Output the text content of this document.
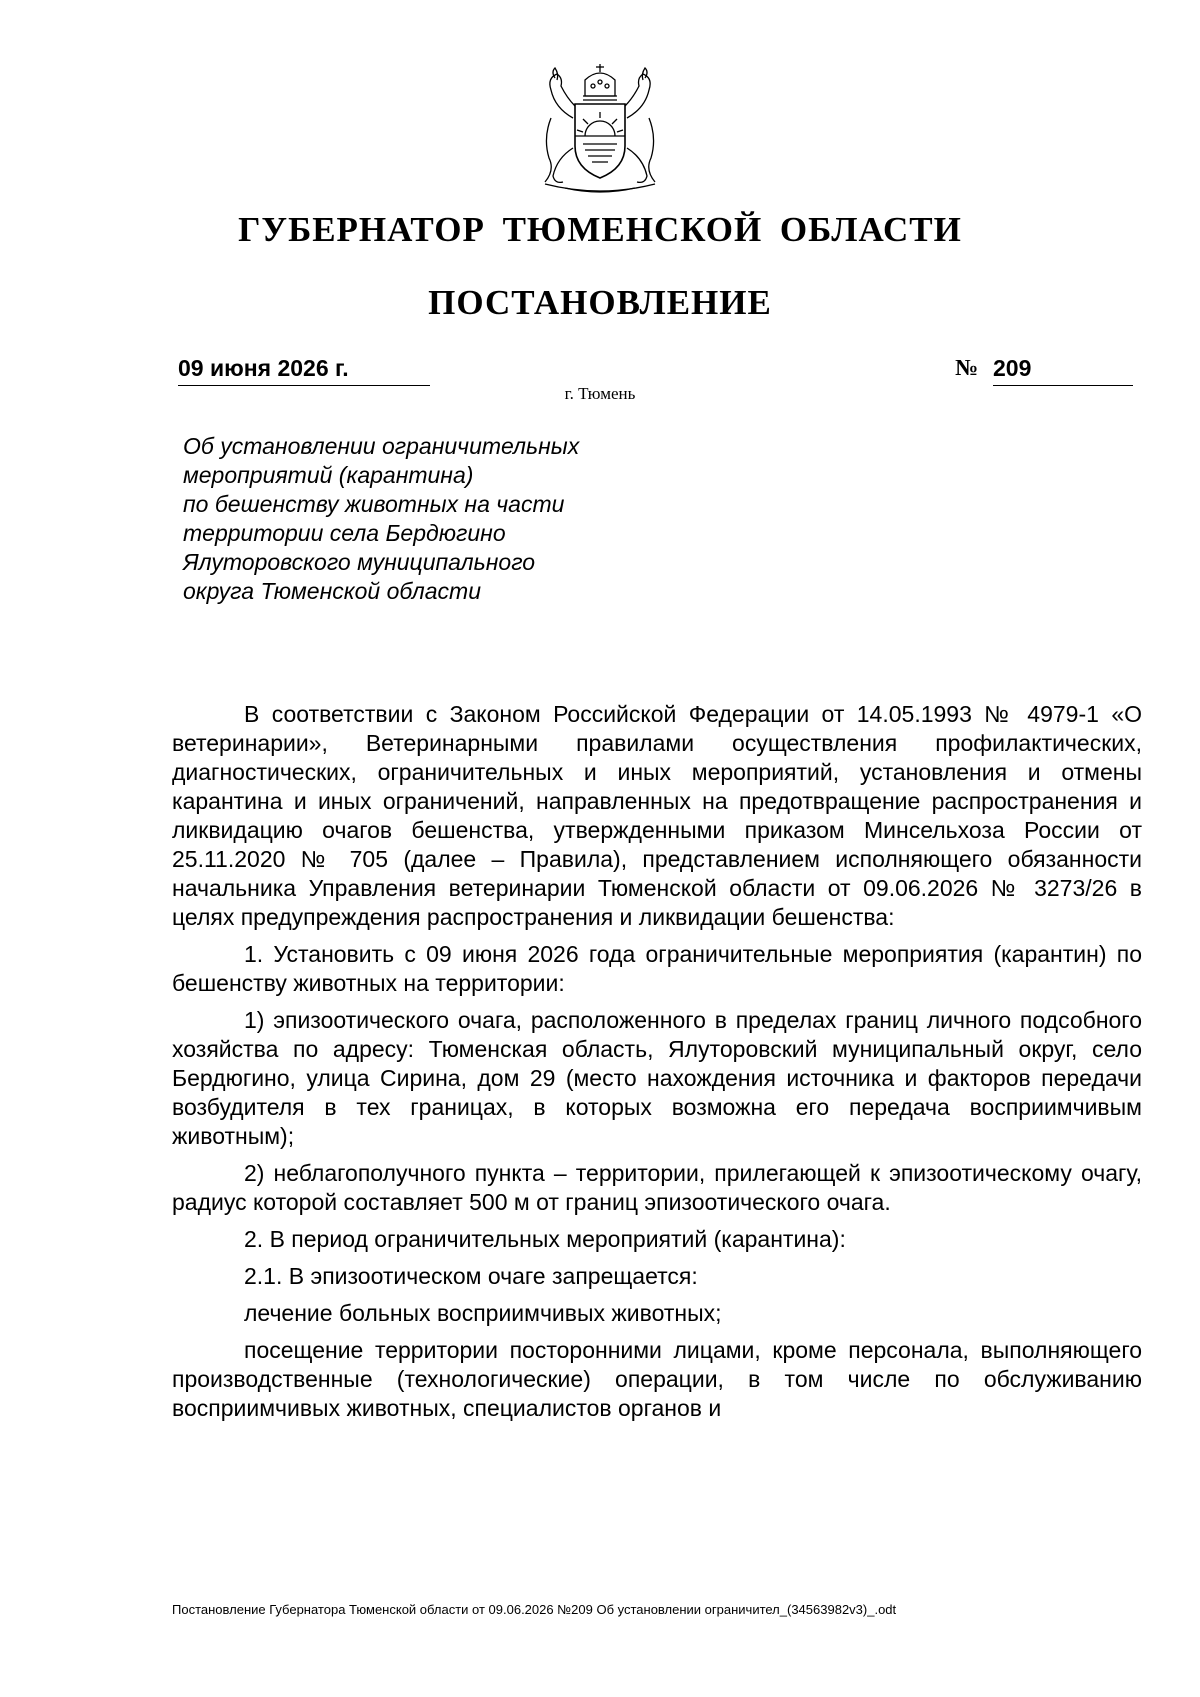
ГУБЕРНАТОР ТЮМЕНСКОЙ ОБЛАСТИ
ПОСТАНОВЛЕНИЕ
09 июня 2026 г.	№ 209
г. Тюмень
Об установлении ограничительных
мероприятий (карантина)
по бешенству животных на части
территории села Бердюгино
Ялуторовского муниципального
округа Тюменской области

В соответствии с Законом Российской Федерации от 14.05.1993 № 4979-1 «О ветеринарии», Ветеринарными правилами осуществления профилактических, диагностических, ограничительных и иных мероприятий, установления и отмены карантина и иных ограничений, направленных на предотвращение распространения и ликвидацию очагов бешенства, утвержденными приказом Минсельхоза России от 25.11.2020 № 705 (далее – Правила), представлением исполняющего обязанности начальника Управления ветеринарии Тюменской области от 09.06.2026 № 3273/26 в целях предупреждения распространения и ликвидации бешенства:

1. Установить с 09 июня 2026 года ограничительные мероприятия (карантин) по бешенству животных на территории:

1) эпизоотического очага, расположенного в пределах границ личного подсобного хозяйства по адресу: Тюменская область, Ялуторовский муниципальный округ, село Бердюгино, улица Сирина, дом 29 (место нахождения источника и факторов передачи возбудителя в тех границах, в которых возможна его передача восприимчивым животным);

2) неблагополучного пункта – территории, прилегающей к эпизоотическому очагу, радиус которой составляет 500 м от границ эпизоотического очага.

2. В период ограничительных мероприятий (карантина):

2.1. В эпизоотическом очаге запрещается:

лечение больных восприимчивых животных;

посещение территории посторонними лицами, кроме персонала, выполняющего производственные (технологические) операции, в том числе по обслуживанию восприимчивых животных, специалистов органов и

Постановление Губернатора Тюменской области от 09.06.2026 №209 Об установлении ограничител_(34563982v3)_.odt
